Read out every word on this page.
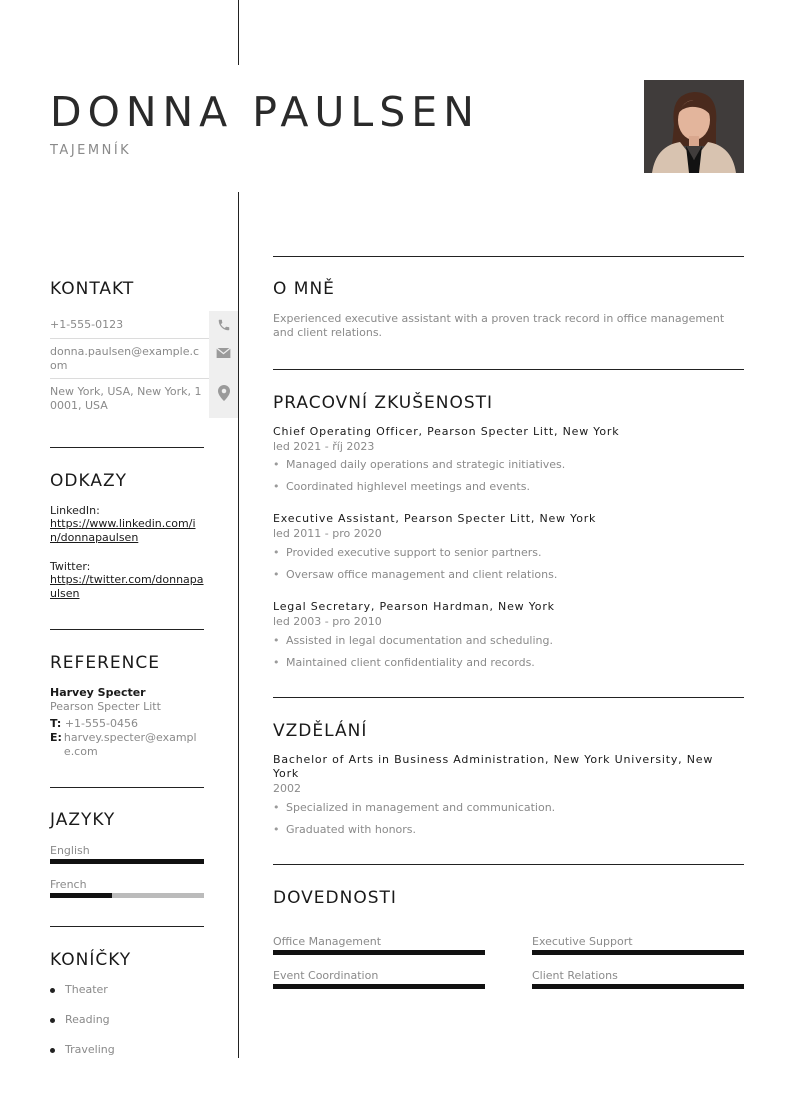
DONNA PAULSEN
TAJEMNÍK
KONTAKT
+1-555-0123
donna.paulsen@example.com
New York, USA, New York, 10001, USA
ODKAZY
LinkedIn:
https://www.linkedin.com/in/donnapaulsen
Twitter:
https://twitter.com/donnapaulsen
REFERENCE
Harvey Specter
Pearson Specter Litt
T: +1-555-0456
E: harvey.specter@example.com
JAZYKY
English
French
KONÍČKY
Theater
Reading
Traveling
O MNĚ
Experienced executive assistant with a proven track record in office management and client relations.
PRACOVNÍ ZKUŠENOSTI
Chief Operating Officer, Pearson Specter Litt, New York
led 2021 - říj 2023
• Managed daily operations and strategic initiatives.
• Coordinated highlevel meetings and events.
Executive Assistant, Pearson Specter Litt, New York
led 2011 - pro 2020
• Provided executive support to senior partners.
• Oversaw office management and client relations.
Legal Secretary, Pearson Hardman, New York
led 2003 - pro 2010
• Assisted in legal documentation and scheduling.
• Maintained client confidentiality and records.
VZDĚLÁNÍ
Bachelor of Arts in Business Administration, New York University, New York
2002
• Specialized in management and communication.
• Graduated with honors.
DOVEDNOSTI
Office Management	Executive Support
Event Coordination	Client Relations
